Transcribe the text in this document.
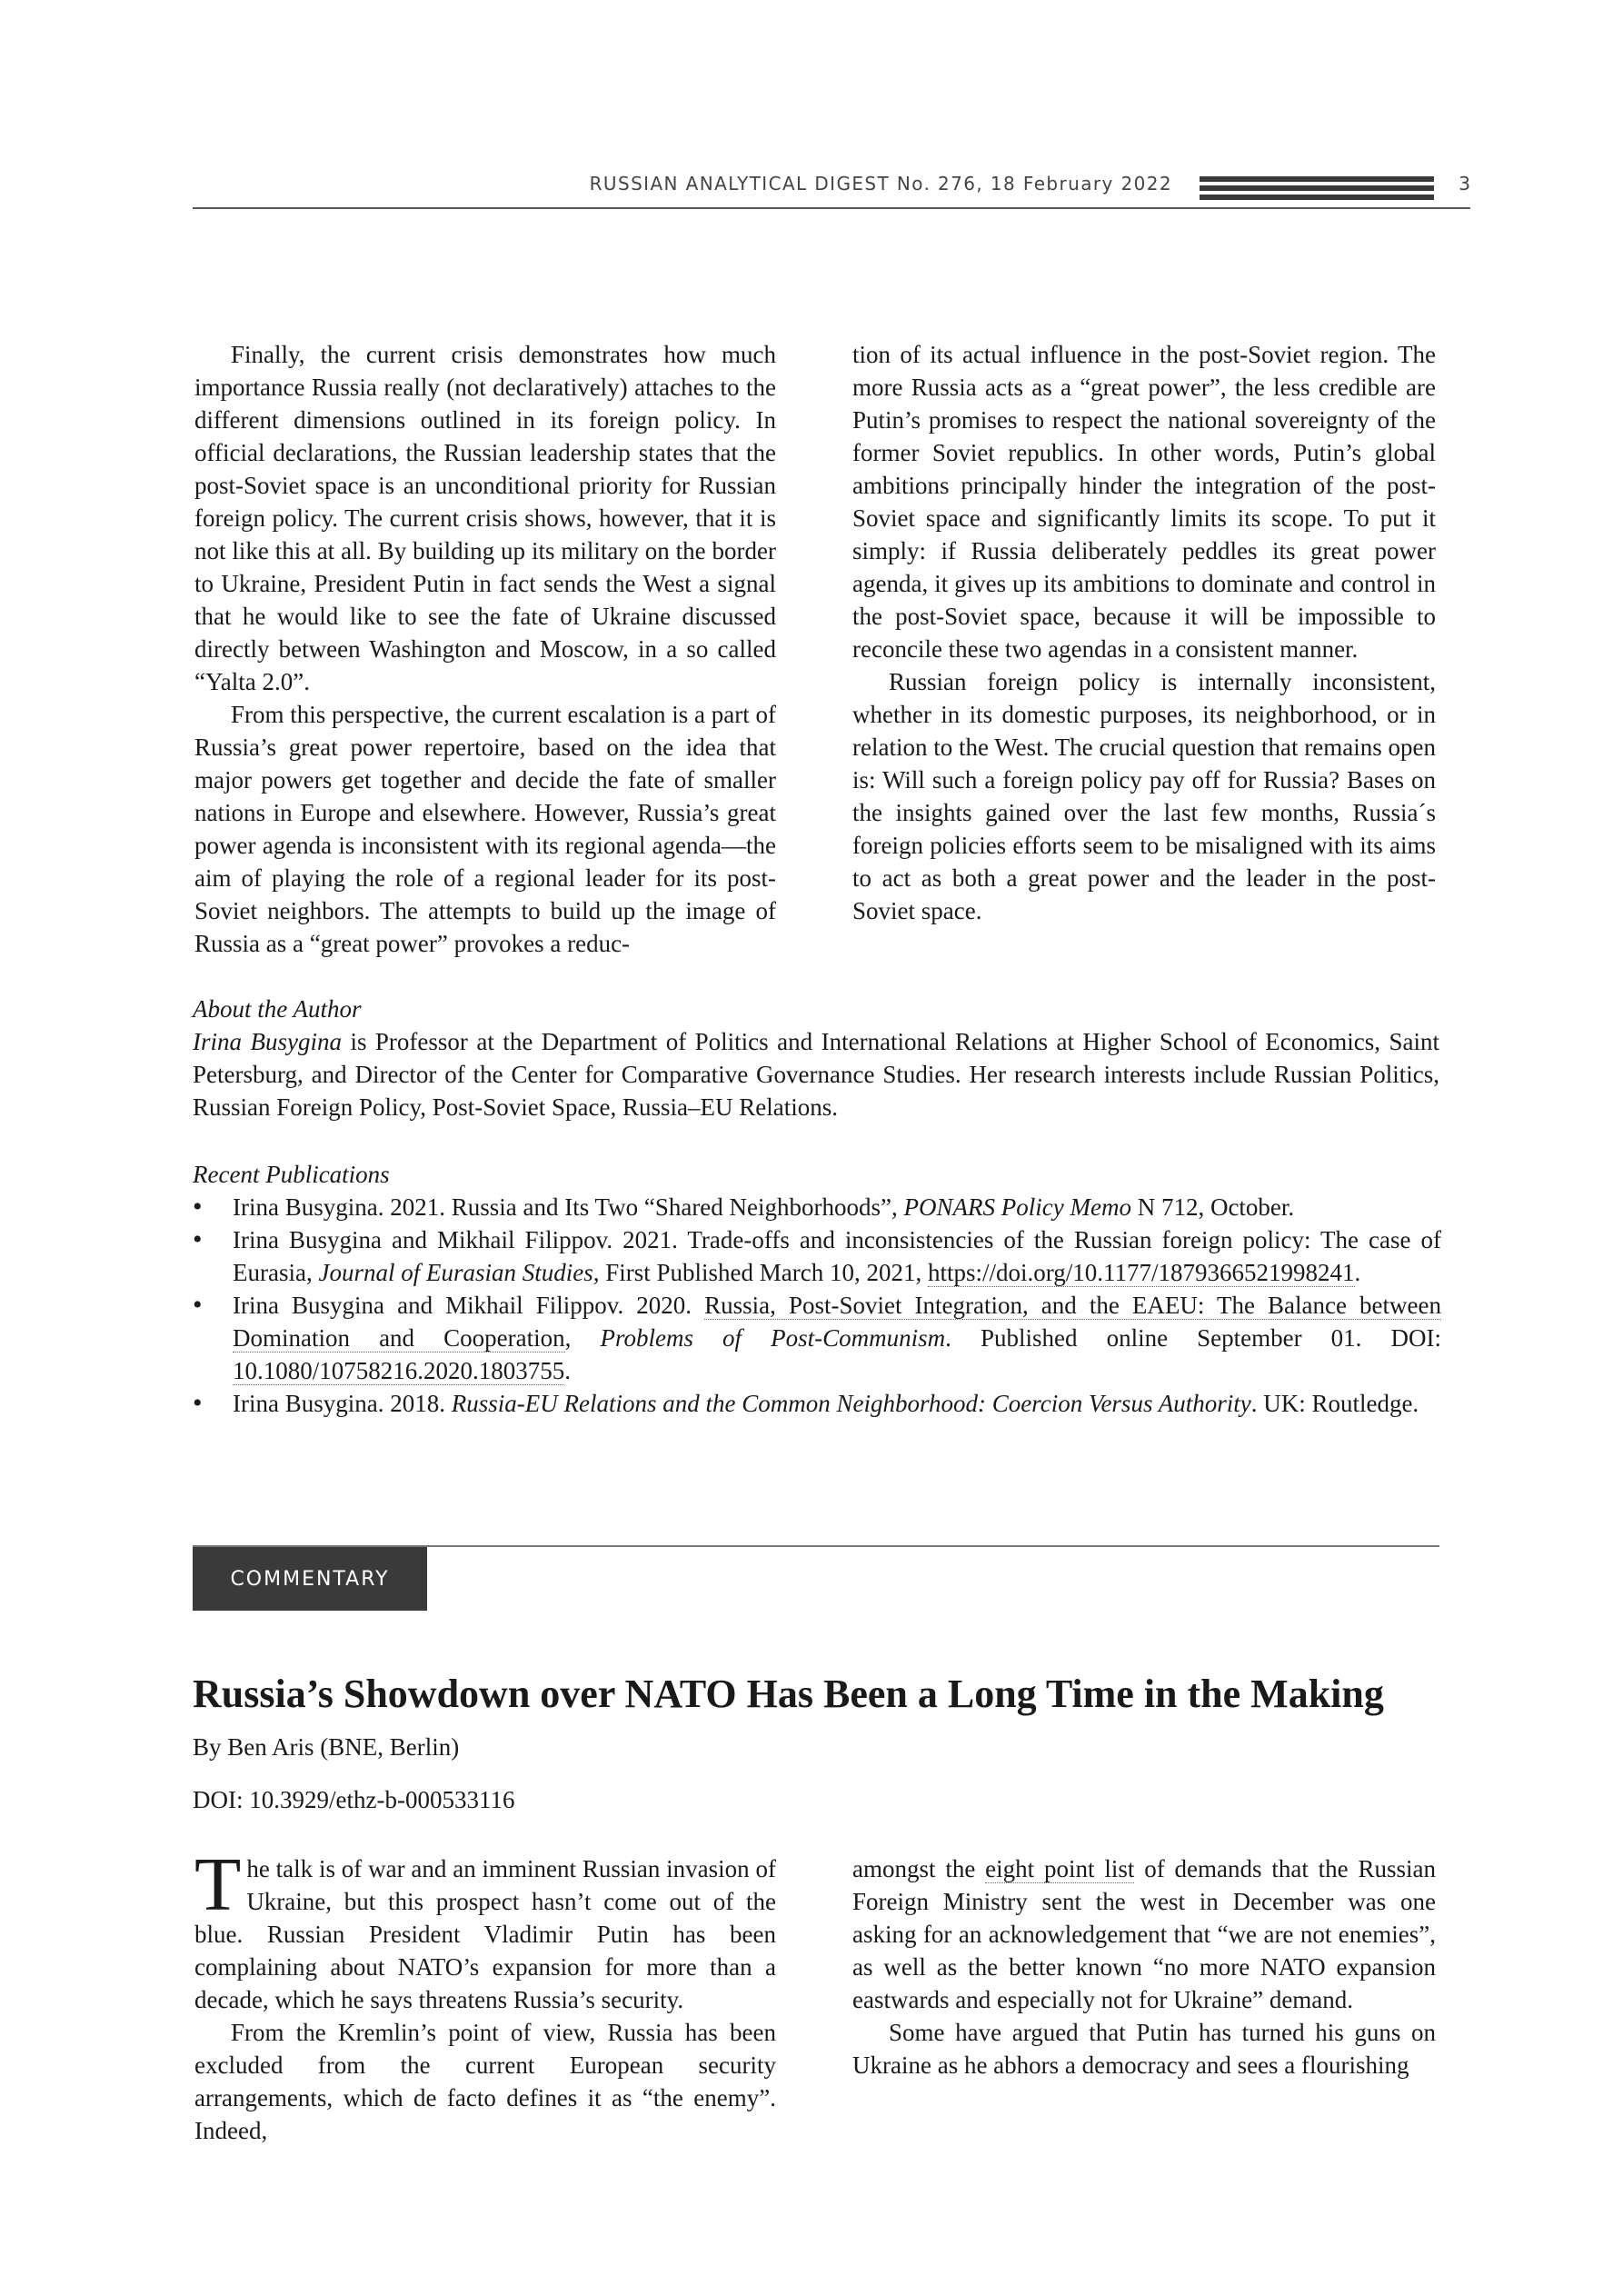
RUSSIAN ANALYTICAL DIGEST No. 276, 18 February 2022	3

Finally, the current crisis demonstrates how much importance Russia really (not declaratively) attaches to the different dimensions outlined in its foreign policy. In official declarations, the Russian leadership states that the post-Soviet space is an unconditional priority for Russian foreign policy. The current crisis shows, however, that it is not like this at all. By building up its military on the border to Ukraine, President Putin in fact sends the West a signal that he would like to see the fate of Ukraine discussed directly between Washington and Moscow, in a so called “Yalta 2.0”.

From this perspective, the current escalation is a part of Russia’s great power repertoire, based on the idea that major powers get together and decide the fate of smaller nations in Europe and elsewhere. However, Russia’s great power agenda is inconsistent with its regional agenda—the aim of playing the role of a regional leader for its post-Soviet neighbors. The attempts to build up the image of Russia as a “great power” provokes a reduc-

tion of its actual influence in the post-Soviet region. The more Russia acts as a “great power”, the less credible are Putin’s promises to respect the national sovereignty of the former Soviet republics. In other words, Putin’s global ambitions principally hinder the integration of the post-Soviet space and significantly limits its scope. To put it simply: if Russia deliberately peddles its great power agenda, it gives up its ambitions to dominate and control in the post-Soviet space, because it will be impossible to reconcile these two agendas in a consistent manner.

Russian foreign policy is internally inconsistent, whether in its domestic purposes, its neighborhood, or in relation to the West. The crucial question that remains open is: Will such a foreign policy pay off for Russia? Bases on the insights gained over the last few months, Russia´s foreign policies efforts seem to be misaligned with its aims to act as both a great power and the leader in the post-Soviet space.

About the Author
Irina Busygina is Professor at the Department of Politics and International Relations at Higher School of Economics, Saint Petersburg, and Director of the Center for Comparative Governance Studies. Her research interests include Russian Politics, Russian Foreign Policy, Post-Soviet Space, Russia–EU Relations.
Recent Publications
• Irina Busygina. 2021. Russia and Its Two “Shared Neighborhoods”, PONARS Policy Memo N 712, October.
• Irina Busygina and Mikhail Filippov. 2021. Trade-offs and inconsistencies of the Russian foreign policy: The case of Eurasia, Journal of Eurasian Studies, First Published March 10, 2021, https://doi.org/10.1177/1879366521998241.
• Irina Busygina and Mikhail Filippov. 2020. Russia, Post-Soviet Integration, and the EAEU: The Balance between Domination and Cooperation, Problems of Post-Communism. Published online September 01. DOI: 10.1080/10758216.2020.1803755.
• Irina Busygina. 2018. Russia-EU Relations and the Common Neighborhood: Coercion Versus Authority. UK: Routledge.
COMMENTARY
Russia’s Showdown over NATO Has Been a Long Time in the Making
By Ben Aris (BNE, Berlin)
DOI: 10.3929/ethz-b-000533116

The talk is of war and an imminent Russian invasion of Ukraine, but this prospect hasn’t come out of the blue. Russian President Vladimir Putin has been complaining about NATO’s expansion for more than a decade, which he says threatens Russia’s security.

From the Kremlin’s point of view, Russia has been excluded from the current European security arrangements, which de facto defines it as “the enemy”. Indeed,

amongst the eight point list of demands that the Russian Foreign Ministry sent the west in December was one asking for an acknowledgement that “we are not enemies”, as well as the better known “no more NATO expansion eastwards and especially not for Ukraine” demand.

Some have argued that Putin has turned his guns on Ukraine as he abhors a democracy and sees a flourishing
